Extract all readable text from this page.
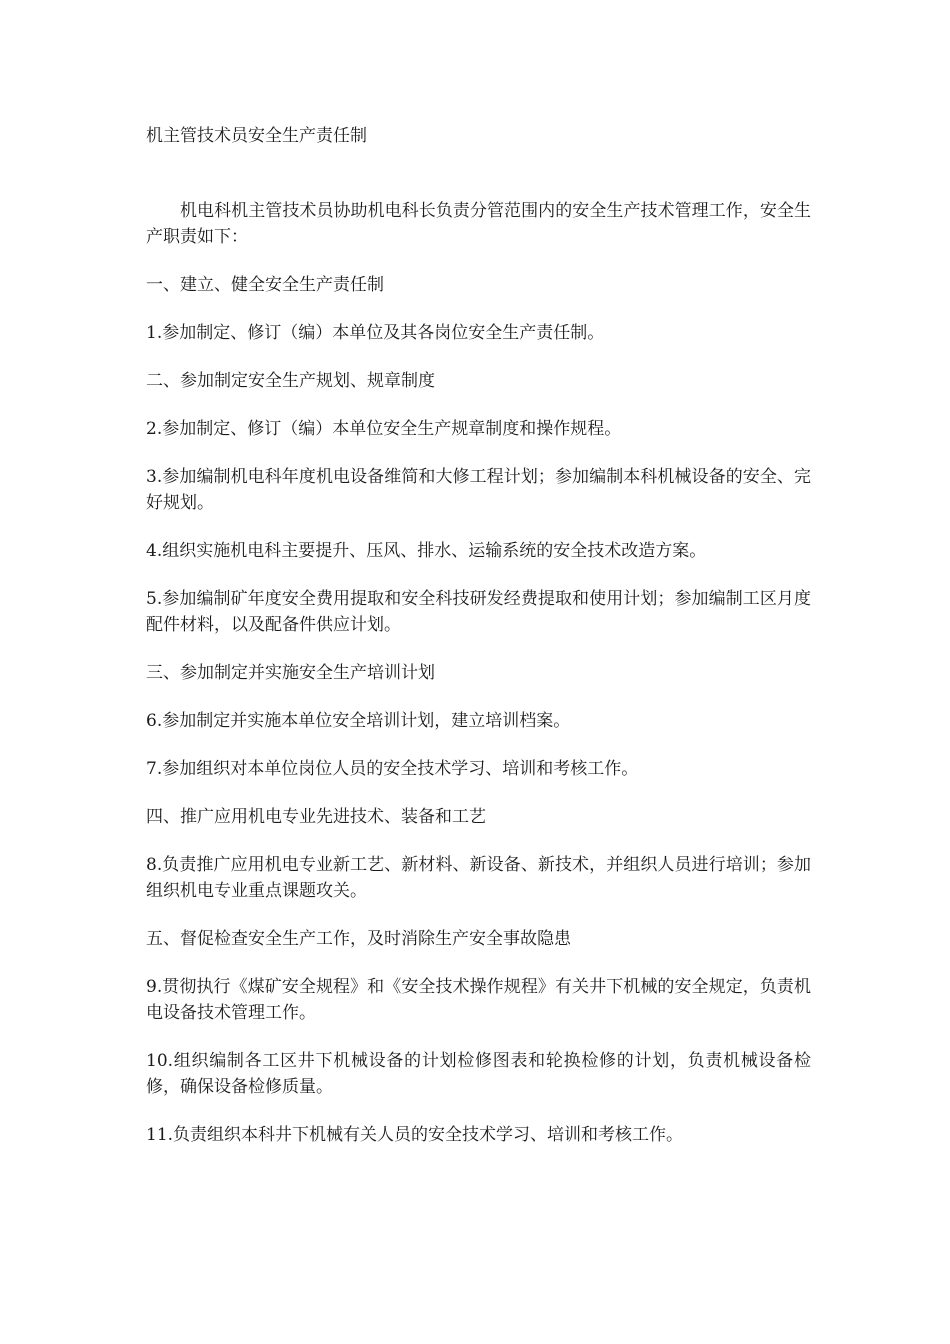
机主管技术员安全生产责任制

机电科机主管技术员协助机电科长负责分管范围内的安全生产技术管理工作，安全生产职责如下：

一、建立、健全安全生产责任制

1.参加制定、修订（编）本单位及其各岗位安全生产责任制。

二、参加制定安全生产规划、规章制度

2.参加制定、修订（编）本单位安全生产规章制度和操作规程。

3.参加编制机电科年度机电设备维简和大修工程计划；参加编制本科机械设备的安全、完好规划。

4.组织实施机电科主要提升、压风、排水、运输系统的安全技术改造方案。

5.参加编制矿年度安全费用提取和安全科技研发经费提取和使用计划；参加编制工区月度配件材料，以及配备件供应计划。

三、参加制定并实施安全生产培训计划

6.参加制定并实施本单位安全培训计划，建立培训档案。

7.参加组织对本单位岗位人员的安全技术学习、培训和考核工作。

四、推广应用机电专业先进技术、装备和工艺

8.负责推广应用机电专业新工艺、新材料、新设备、新技术，并组织人员进行培训；参加组织机电专业重点课题攻关。

五、督促检查安全生产工作，及时消除生产安全事故隐患

9.贯彻执行《煤矿安全规程》和《安全技术操作规程》有关井下机械的安全规定，负责机电设备技术管理工作。

10.组织编制各工区井下机械设备的计划检修图表和轮换检修的计划，负责机械设备检修，确保设备检修质量。

11.负责组织本科井下机械有关人员的安全技术学习、培训和考核工作。
